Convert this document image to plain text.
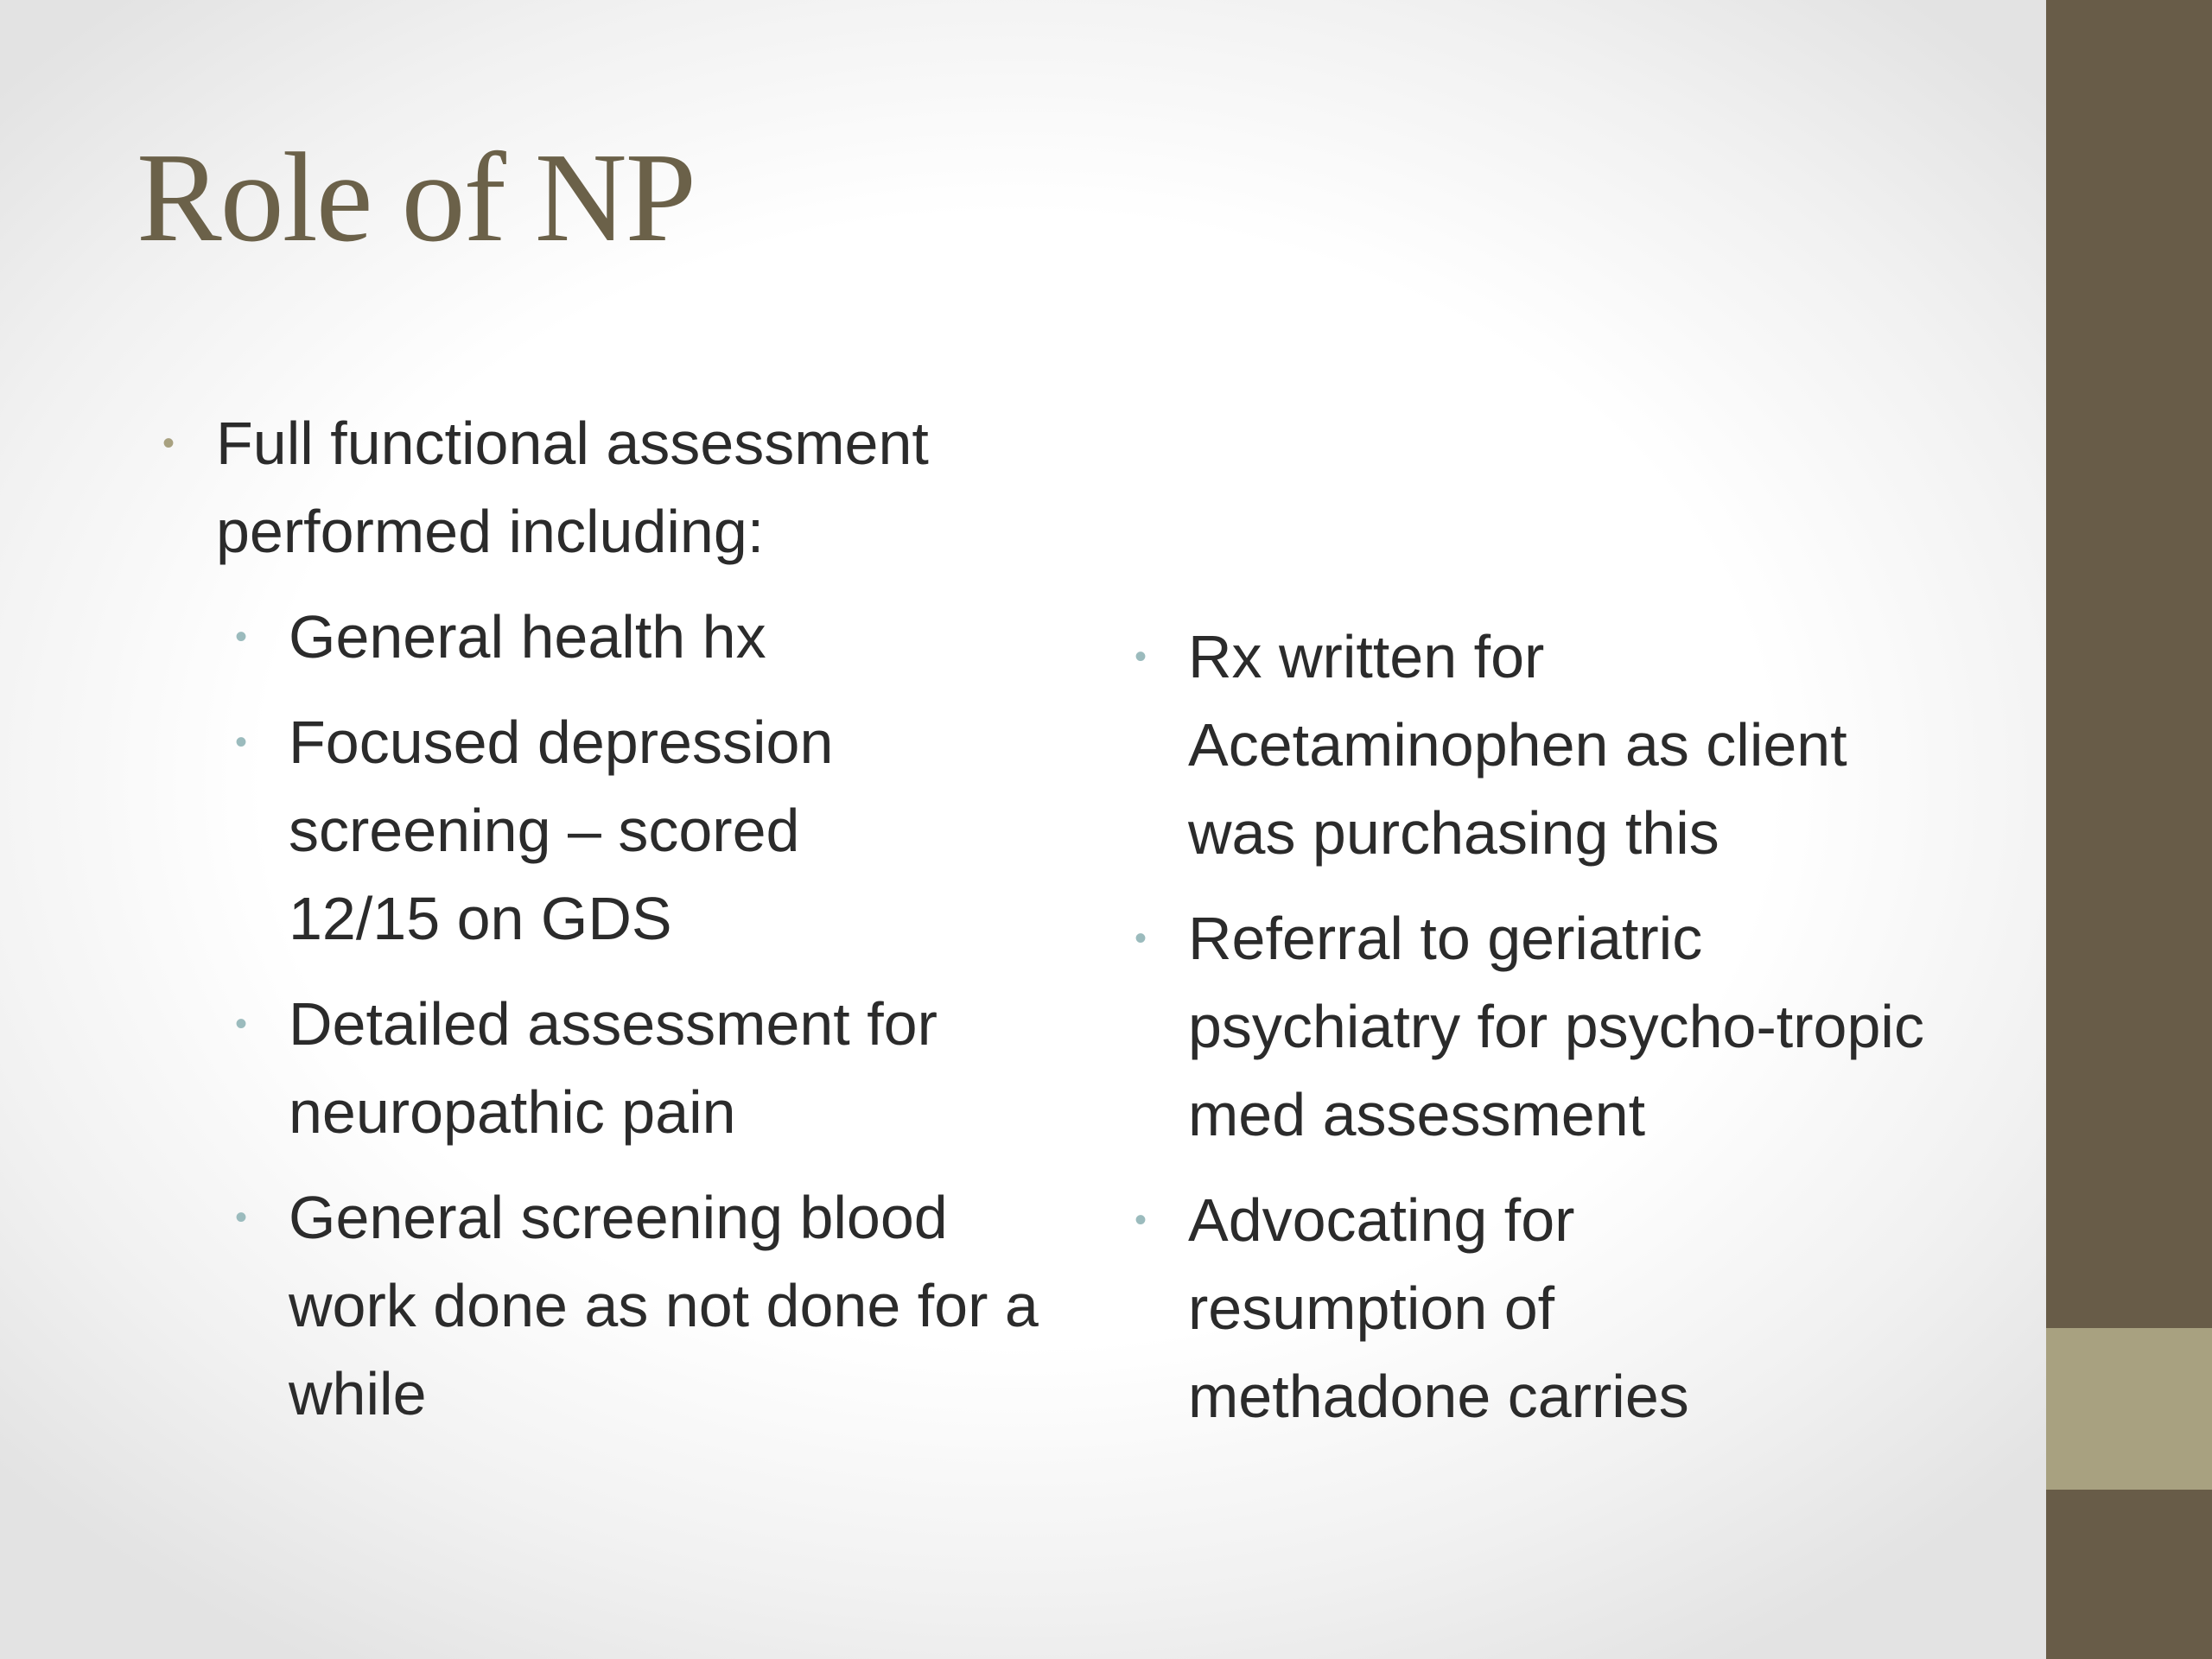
Role of NP
• Full functional assessment performed including:
• General health hx
• Focused depression screening – scored 12/15 on GDS
• Detailed assessment for neuropathic pain
• General screening blood work done as not done for a while
• Rx written for Acetaminophen as client was purchasing this
• Referral to geriatric psychiatry for psycho-tropic med assessment
• Advocating for resumption of methadone carries
